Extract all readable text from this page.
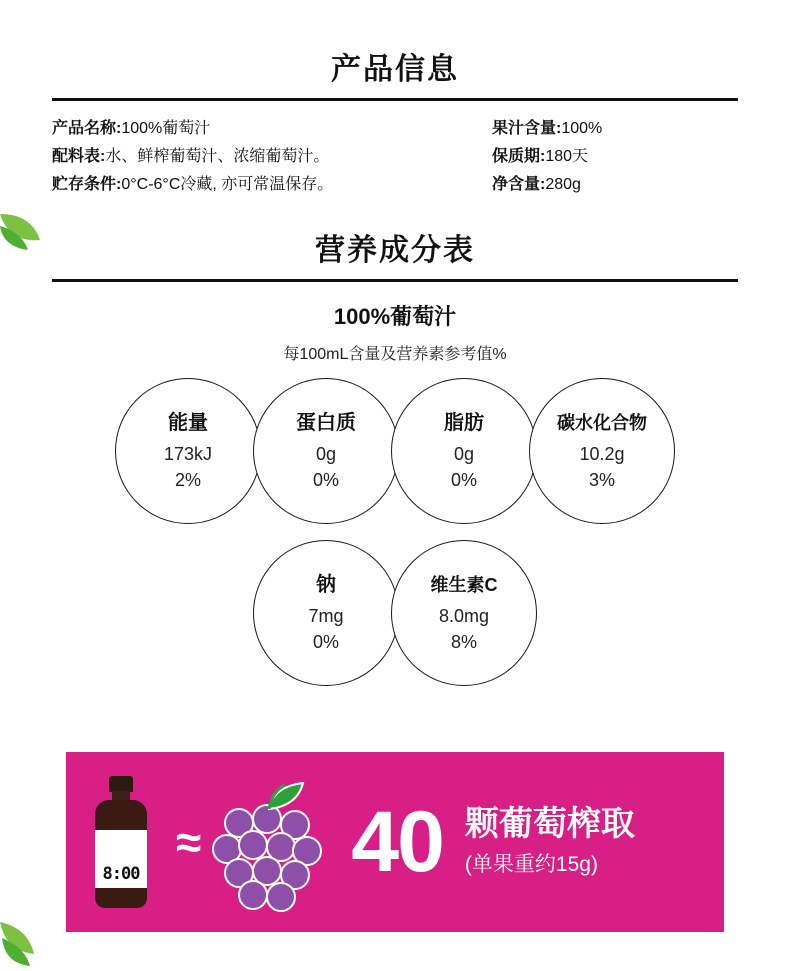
产品信息
产品名称:100%葡萄汁
配料表:水、鲜榨葡萄汁、浓缩葡萄汁。
贮存条件:0°C-6°C冷藏, 亦可常温保存。
果汁含量:100%
保质期:180天
净含量:280g
营养成分表
100%葡萄汁
每100mL含量及营养素参考值%
能量
173kJ
2%
蛋白质
0g
0%
脂肪
0g
0%
碳水化合物
10.2g
3%
钠
7mg
0%
维生素C
8.0mg
8%
8:00
≈ 40 颗葡萄榨取
(单果重约15g)
